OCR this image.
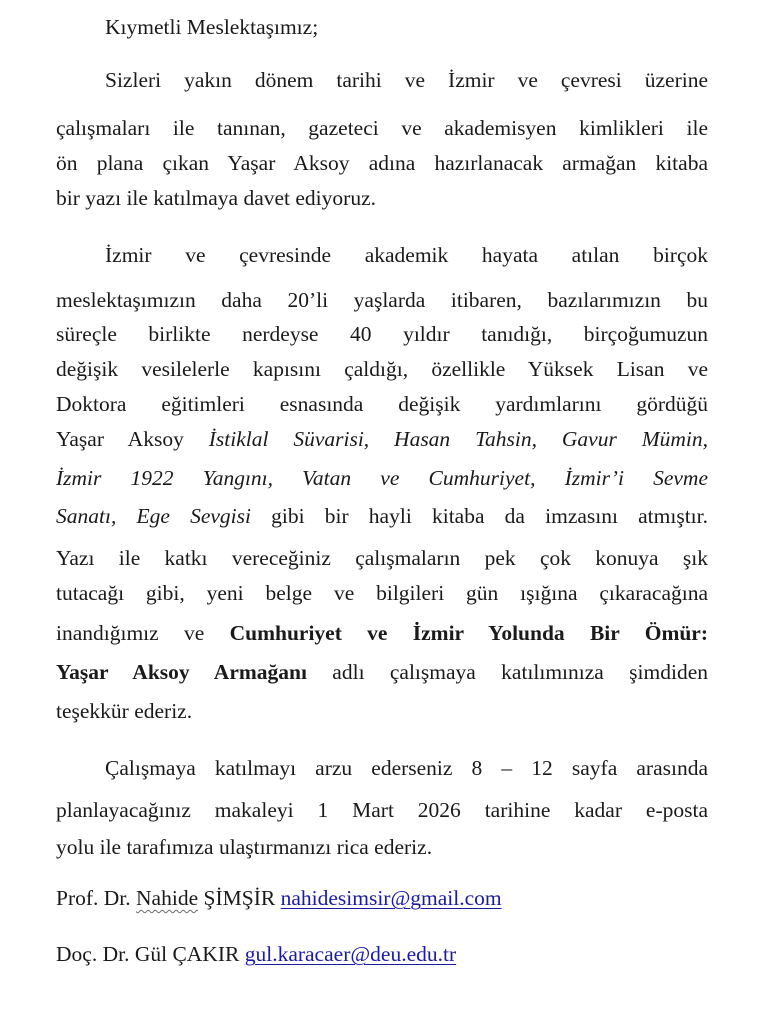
Kıymetli Meslektaşımız;
Sizleri yakın dönem tarihi ve İzmir ve çevresi üzerine
çalışmaları ile tanınan, gazeteci ve akademisyen kimlikleri ile
ön plana çıkan Yaşar Aksoy adına hazırlanacak armağan kitaba
bir yazı ile katılmaya davet ediyoruz.
İzmir ve çevresinde akademik hayata atılan birçok
meslektaşımızın daha 20’li yaşlarda itibaren, bazılarımızın bu
süreçle birlikte nerdeyse 40 yıldır tanıdığı, birçoğumuzun
değişik vesilelerle kapısını çaldığı, özellikle Yüksek Lisan ve
Doktora eğitimleri esnasında değişik yardımlarını gördüğü
Yaşar Aksoy İstiklal Süvarisi, Hasan Tahsin, Gavur Mümin,
İzmir 1922 Yangını, Vatan ve Cumhuriyet, İzmir’i Sevme
Sanatı, Ege Sevgisi gibi bir hayli kitaba da imzasını atmıştır.
Yazı ile katkı vereceğiniz çalışmaların pek çok konuya şık
tutacağı gibi, yeni belge ve bilgileri gün ışığına çıkaracağına
inandığımız ve Cumhuriyet ve İzmir Yolunda Bir Ömür:
Yaşar Aksoy Armağanı adlı çalışmaya katılımınıza şimdiden
teşekkür ederiz.
Çalışmaya katılmayı arzu ederseniz 8 – 12 sayfa arasında
planlayacağınız makaleyi 1 Mart 2026 tarihine kadar e-posta
yolu ile tarafımıza ulaştırmanızı rica ederiz.
Prof. Dr. Nahide ŞİMŞİR nahidesimsir@gmail.com
Doç. Dr. Gül ÇAKIR gul.karacaer@deu.edu.tr
